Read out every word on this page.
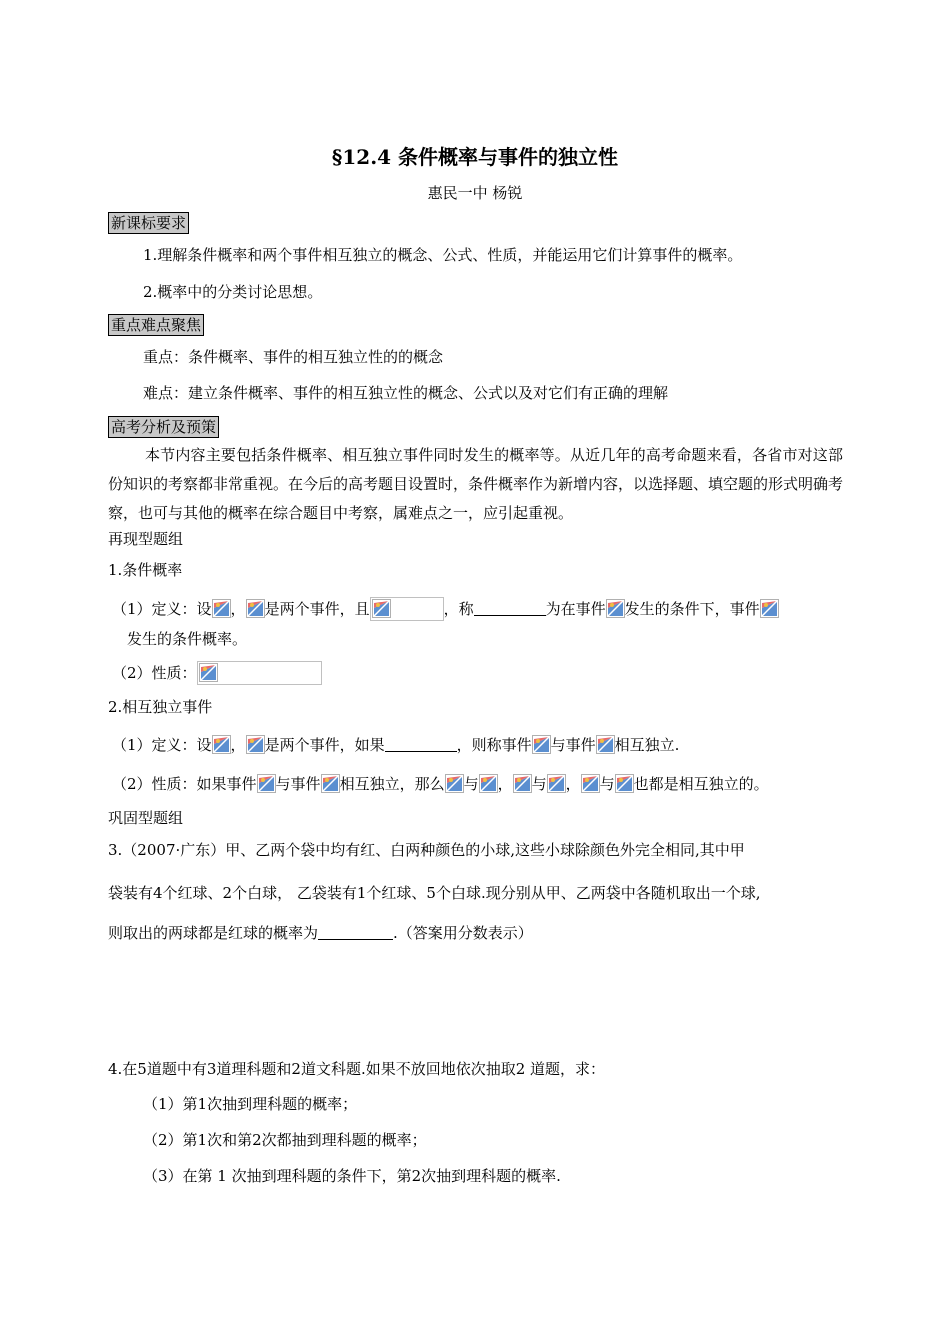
§12.4 条件概率与事件的独立性
惠民一中 杨锐
新课标要求
1.理解条件概率和两个事件相互独立的概念、公式、性质，并能运用它们计算事件的概率。
2.概率中的分类讨论思想。
重点难点聚焦
重点：条件概率、事件的相互独立性的的概念
难点：建立条件概率、事件的相互独立性的概念、公式以及对它们有正确的理解
高考分析及预策
本节内容主要包括条件概率、相互独立事件同时发生的概率等。从近几年的高考命题来看，各省市对这部份知识的考察都非常重视。在今后的高考题目设置时，条件概率作为新增内容，以选择题、填空题的形式明确考察，也可与其他的概率在综合题目中考察，属难点之一，应引起重视。
再现型题组
1.条件概率
（1）定义：设 ， 是两个事件，且	，称	为在事件 发生的条件下，事件
发生的条件概率。
（2）性质：
2.相互独立事件
（1）定义：设 ， 是两个事件，如果	，则称事件 与事件 相互独立.
（2）性质：如果事件 与事件 相互独立，那么 与 ， 与 ， 与 也都是相互独立的。
巩固型题组
3.（2007·广东）甲、乙两个袋中均有红、白两种颜色的小球,这些小球除颜色外完全相同,其中甲
袋装有4个红球、2个白球， 乙袋装有1个红球、5个白球.现分别从甲、乙两袋中各随机取出一个球,
则取出的两球都是红球的概率为	.（答案用分数表示）
4.在5道题中有3道理科题和2道文科题.如果不放回地依次抽取2 道题，求：
（1）第1次抽到理科题的概率；
（2）第1次和第2次都抽到理科题的概率；
（3）在第 1 次抽到理科题的条件下，第2次抽到理科题的概率.
